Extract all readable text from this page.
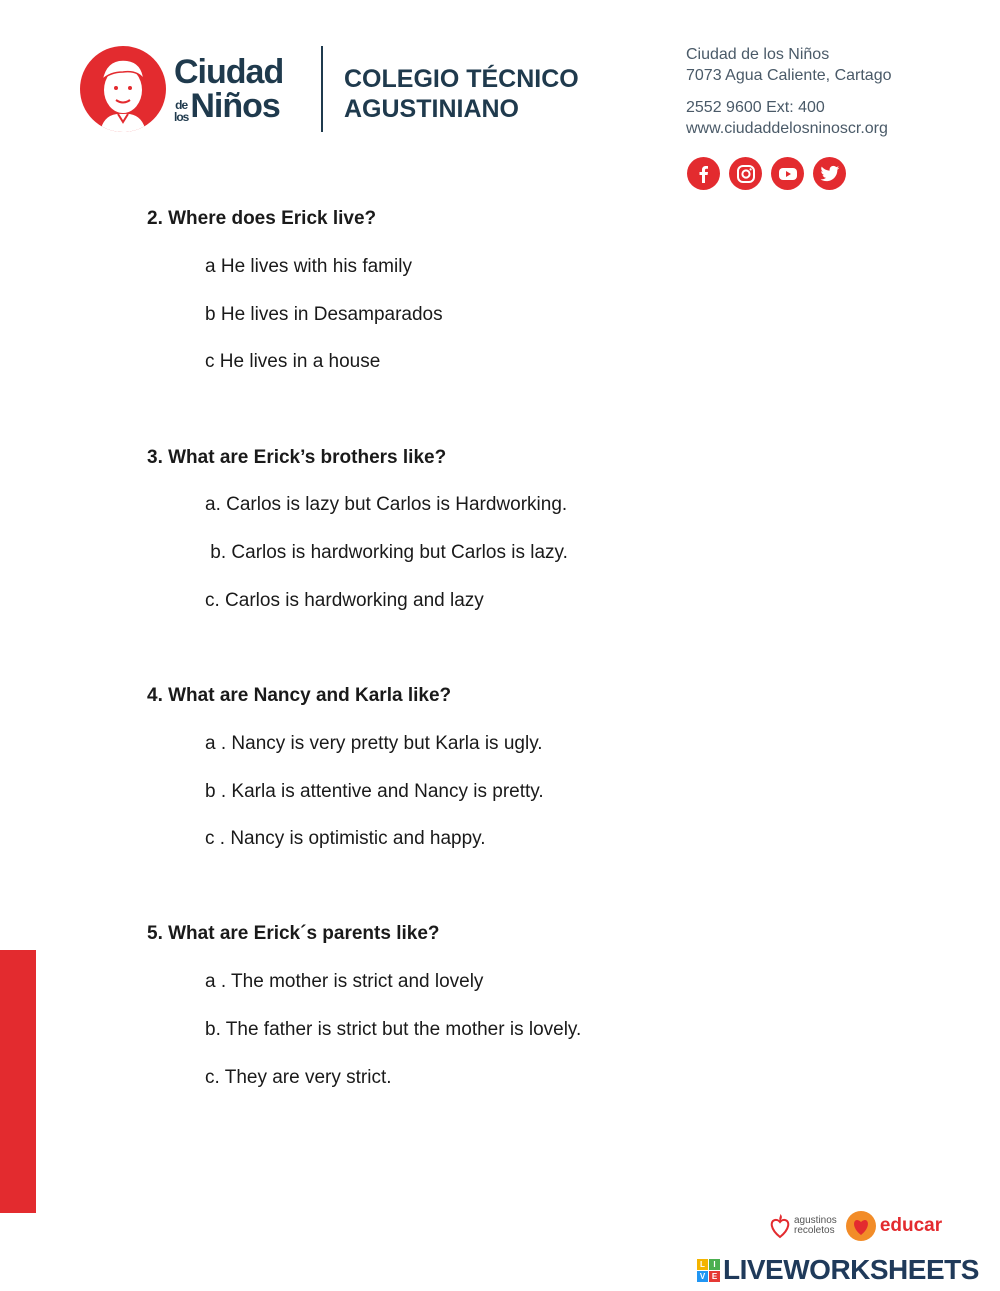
Ciudad
de
los Niños
COLEGIO TÉCNICO
AGUSTINIANO
Ciudad de los Niños
7073 Agua Caliente, Cartago
2552 9600 Ext: 400
www.ciudaddelosninoscr.org
2. Where does Erick live?
a He lives with his family
b He lives in Desamparados
c He lives in a house
3. What are Erick’s brothers like?
a. Carlos is lazy but Carlos is Hardworking.
b. Carlos is hardworking but Carlos is lazy.
c. Carlos is hardworking and lazy
4. What are Nancy and Karla like?
a . Nancy is very pretty but Karla is ugly.
b . Karla is attentive and Nancy is pretty.
c . Nancy is optimistic and happy.
5. What are Erick´s parents like?
a . The mother is strict and lovely
b. The father is strict but the mother is lovely.
c. They are very strict.
agustinos
recoletos educar
L	I
V E LIVEWORKSHEETS
